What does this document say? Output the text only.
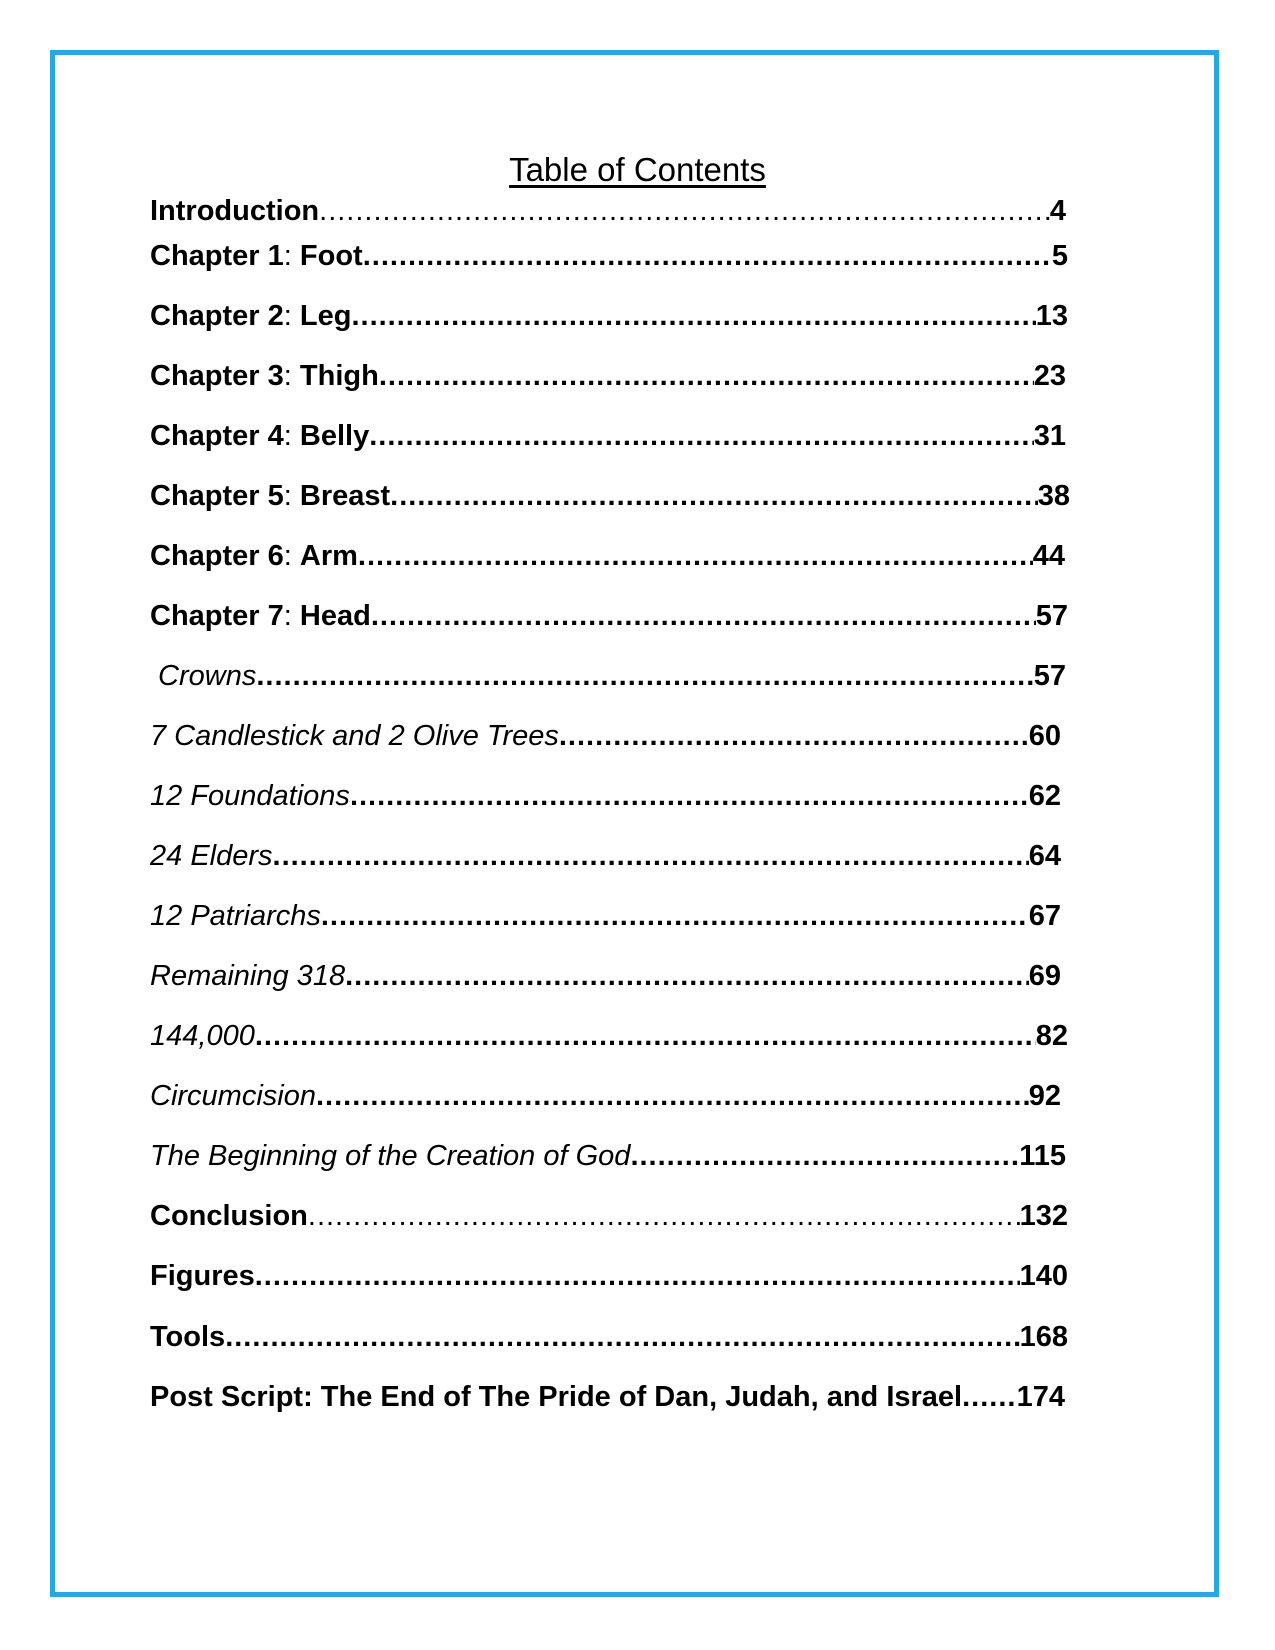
Table of Contents
Introduction .....	4
Chapter 1: Foot .....	5
Chapter 2: Leg .....	13
Chapter 3: Thigh .....	23
Chapter 4: Belly .....	31
Chapter 5: Breast .....	38
Chapter 6: Arm .....	44
Chapter 7: Head .....	57
Crowns .....	57
7 Candlestick and 2 Olive Trees .....	60
12 Foundations .....	62
24 Elders .....	64
12 Patriarchs .....	67
Remaining 318 .....	69
144,000 .....	82
Circumcision .....	92
The Beginning of the Creation of God .....	115
Conclusion .....	132
Figures .....	140
Tools .....	168
Post Script: The End of The Pride of Dan, Judah, and Israel ..... 174
